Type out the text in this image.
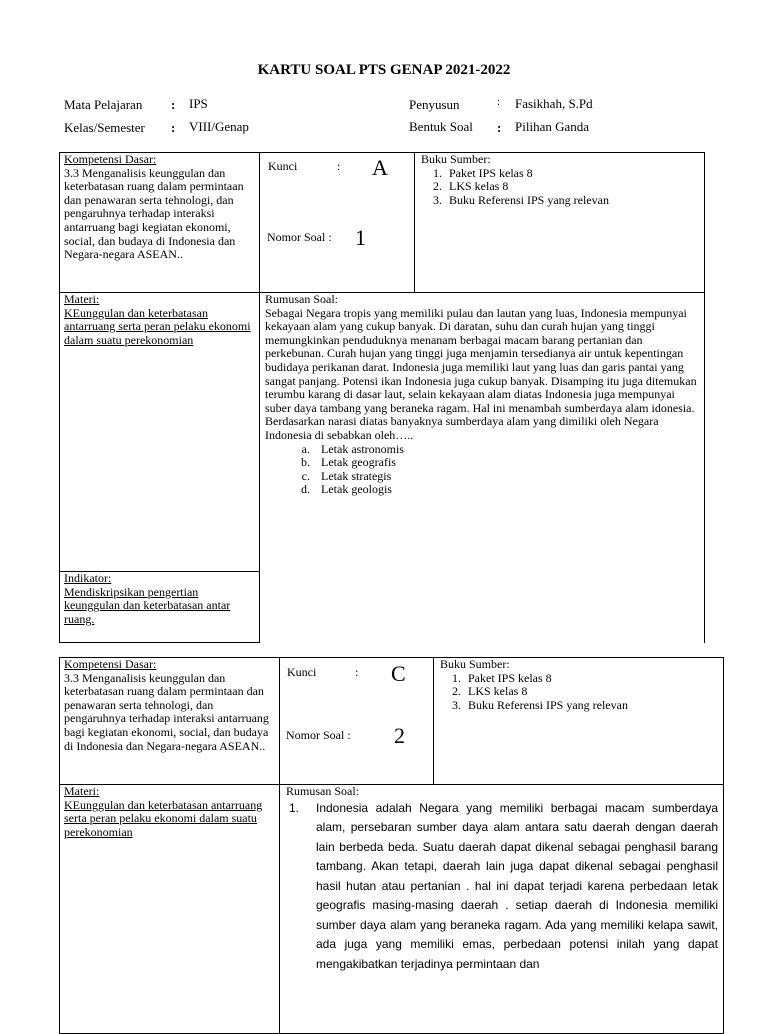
KARTU SOAL PTS GENAP 2021-2022
Mata Pelajaran : IPS
Kelas/Semester : VIII/Genap
Penyusun	: Fasikhah, S.Pd
Bentuk Soal : Pilihan Ganda
Kompetensi Dasar:
3.3 Menganalisis keunggulan dan keterbatasan ruang dalam permintaan dan penawaran serta tehnologi, dan pengaruhnya terhadap interaksi antarruang bagi kegiatan ekonomi, social, dan budaya di Indonesia dan Negara-negara ASEAN..
Kunci	: A
Nomor Soal : 1
Buku Sumber:
1. Paket IPS kelas 8
2. LKS kelas 8
3. Buku Referensi IPS yang relevan
Materi:
KEunggulan dan keterbatasan antarruang serta peran pelaku ekonomi dalam suatu perekonomian
Rumusan Soal:
Sebagai Negara tropis yang memiliki pulau dan lautan yang luas, Indonesia mempunyai kekayaan alam yang cukup banyak. Di daratan, suhu dan curah hujan yang tinggi memungkinkan penduduknya menanam berbagai macam barang pertanian dan perkebunan. Curah hujan yang tinggi juga menjamin tersedianya air untuk kepentingan budidaya perikanan darat. Indonesia juga memiliki laut yang luas dan garis pantai yang sangat panjang. Potensi ikan Indonesia juga cukup banyak. Disamping itu juga ditemukan terumbu karang di dasar laut, selain kekayaan alam diatas Indonesia juga mempunyai suber daya tambang yang beraneka ragam. Hal ini menambah sumberdaya alam idonesia.
Berdasarkan narasi diatas banyaknya sumberdaya alam yang dimiliki oleh Negara Indonesia di sebabkan oleh…..
a. Letak astronomis
b. Letak geografis
c. Letak strategis
d. Letak geologis
Indikator:
Mendiskripsikan pengertian keunggulan dan keterbatasan antar ruang.
Kompetensi Dasar:
3.3 Menganalisis keunggulan dan keterbatasan ruang dalam permintaan dan penawaran serta tehnologi, dan pengaruhnya terhadap interaksi antarruang bagi kegiatan ekonomi, social, dan budaya di Indonesia dan Negara-negara ASEAN..
Kunci	: C
Nomor Soal : 2
Buku Sumber:
1. Paket IPS kelas 8
2. LKS kelas 8
3. Buku Referensi IPS yang relevan
Materi:
KEunggulan dan keterbatasan antarruang serta peran pelaku ekonomi dalam suatu perekonomian
Rumusan Soal:
1.	Indonesia adalah Negara yang memiliki berbagai macam sumberdaya alam, persebaran sumber daya alam antara satu daerah dengan daerah lain berbeda beda. Suatu daerah dapat dikenal sebagai penghasil barang tambang. Akan tetapi, daerah lain juga dapat dikenal sebagai penghasil hasil hutan atau pertanian . hal ini dapat terjadi karena perbedaan letak geografis masing-masing daerah . setiap daerah di Indonesia memiliki sumber daya alam yang beraneka ragam. Ada yang memiliki kelapa sawit, ada juga yang memiliki emas, perbedaan potensi inilah yang dapat mengakibatkan terjadinya permintaan dan
